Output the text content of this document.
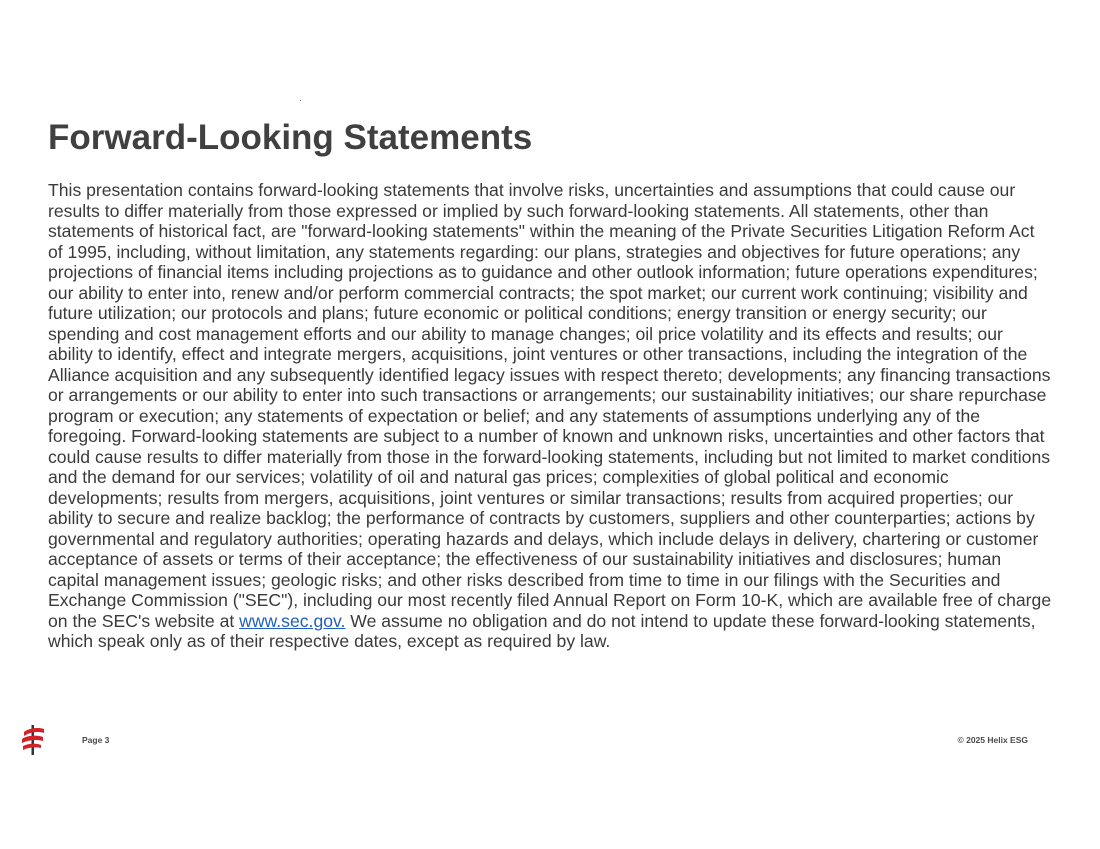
Forward-Looking Statements

This presentation contains forward-looking statements that involve risks, uncertainties and assumptions that could cause our results to differ materially from those expressed or implied by such forward-looking statements. All statements, other than statements of historical fact, are "forward-looking statements" within the meaning of the Private Securities Litigation Reform Act of 1995, including, without limitation, any statements regarding: our plans, strategies and objectives for future operations; any projections of financial items including projections as to guidance and other outlook information; future operations expenditures; our ability to enter into, renew and/or perform commercial contracts; the spot market; our current work continuing; visibility and future utilization; our protocols and plans; future economic or political conditions; energy transition or energy security; our spending and cost management efforts and our ability to manage changes; oil price volatility and its effects and results; our ability to identify, effect and integrate mergers, acquisitions, joint ventures or other transactions, including the integration of the Alliance acquisition and any subsequently identified legacy issues with respect thereto; developments; any financing transactions or arrangements or our ability to enter into such transactions or arrangements; our sustainability initiatives; our share repurchase program or execution; any statements of expectation or belief; and any statements of assumptions underlying any of the foregoing. Forward-looking statements are subject to a number of known and unknown risks, uncertainties and other factors that could cause results to differ materially from those in the forward-looking statements, including but not limited to market conditions and the demand for our services; volatility of oil and natural gas prices; complexities of global political and economic developments; results from mergers, acquisitions, joint ventures or similar transactions; results from acquired properties; our ability to secure and realize backlog; the performance of contracts by customers, suppliers and other counterparties; actions by governmental and regulatory authorities; operating hazards and delays, which include delays in delivery, chartering or customer acceptance of assets or terms of their acceptance; the effectiveness of our sustainability initiatives and disclosures; human capital management issues; geologic risks; and other risks described from time to time in our filings with the Securities and Exchange Commission ("SEC"), including our most recently filed Annual Report on Form 10-K, which are available free of charge on the SEC's website at www.sec.gov. We assume no obligation and do not intend to update these forward-looking statements, which speak only as of their respective dates, except as required by law.

Page 3	© 2025 Helix ESG
